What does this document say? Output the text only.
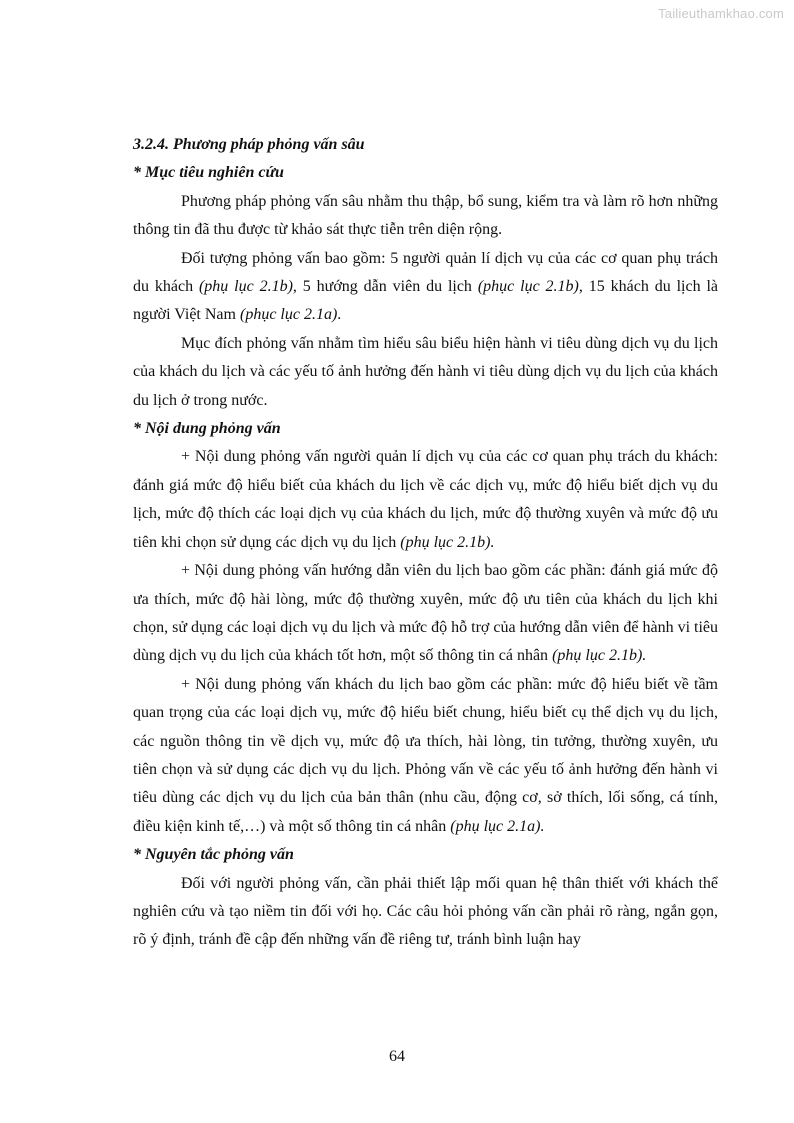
Tailieuthamkhao.com
3.2.4. Phương pháp phỏng vấn sâu
* Mục tiêu nghiên cứu

Phương pháp phỏng vấn sâu nhằm thu thập, bổ sung, kiểm tra và làm rõ hơn những thông tin đã thu được từ khảo sát thực tiễn trên diện rộng.

Đối tượng phỏng vấn bao gồm: 5 người quản lí dịch vụ của các cơ quan phụ trách du khách (phụ lục 2.1b), 5 hướng dẫn viên du lịch (phục lục 2.1b), 15 khách du lịch là người Việt Nam (phục lục 2.1a).

Mục đích phỏng vấn nhằm tìm hiểu sâu biểu hiện hành vi tiêu dùng dịch vụ du lịch của khách du lịch và các yếu tố ảnh hưởng đến hành vi tiêu dùng dịch vụ du lịch của khách du lịch ở trong nước.

* Nội dung phỏng vấn

+ Nội dung phỏng vấn người quản lí dịch vụ của các cơ quan phụ trách du khách: đánh giá mức độ hiểu biết của khách du lịch về các dịch vụ, mức độ hiểu biết dịch vụ du lịch, mức độ thích các loại dịch vụ của khách du lịch, mức độ thường xuyên và mức độ ưu tiên khi chọn sử dụng các dịch vụ du lịch (phụ lục 2.1b).

+ Nội dung phỏng vấn hướng dẫn viên du lịch bao gồm các phần: đánh giá mức độ ưa thích, mức độ hài lòng, mức độ thường xuyên, mức độ ưu tiên của khách du lịch khi chọn, sử dụng các loại dịch vụ du lịch và mức độ hỗ trợ của hướng dẫn viên để hành vi tiêu dùng dịch vụ du lịch của khách tốt hơn, một số thông tin cá nhân (phụ lục 2.1b).

+ Nội dung phỏng vấn khách du lịch bao gồm các phần: mức độ hiểu biết về tầm quan trọng của các loại dịch vụ, mức độ hiểu biết chung, hiểu biết cụ thể dịch vụ du lịch, các nguồn thông tin về dịch vụ, mức độ ưa thích, hài lòng, tin tưởng, thường xuyên, ưu tiên chọn và sử dụng các dịch vụ du lịch. Phỏng vấn về các yếu tố ảnh hưởng đến hành vi tiêu dùng các dịch vụ du lịch của bản thân (nhu cầu, động cơ, sở thích, lối sống, cá tính, điều kiện kinh tế,…) và một số thông tin cá nhân (phụ lục 2.1a).

* Nguyên tắc phỏng vấn

Đối với người phỏng vấn, cần phải thiết lập mối quan hệ thân thiết với khách thể nghiên cứu và tạo niềm tin đối với họ. Các câu hỏi phỏng vấn cần phải rõ ràng, ngắn gọn, rõ ý định, tránh đề cập đến những vấn đề riêng tư, tránh bình luận hay

64
